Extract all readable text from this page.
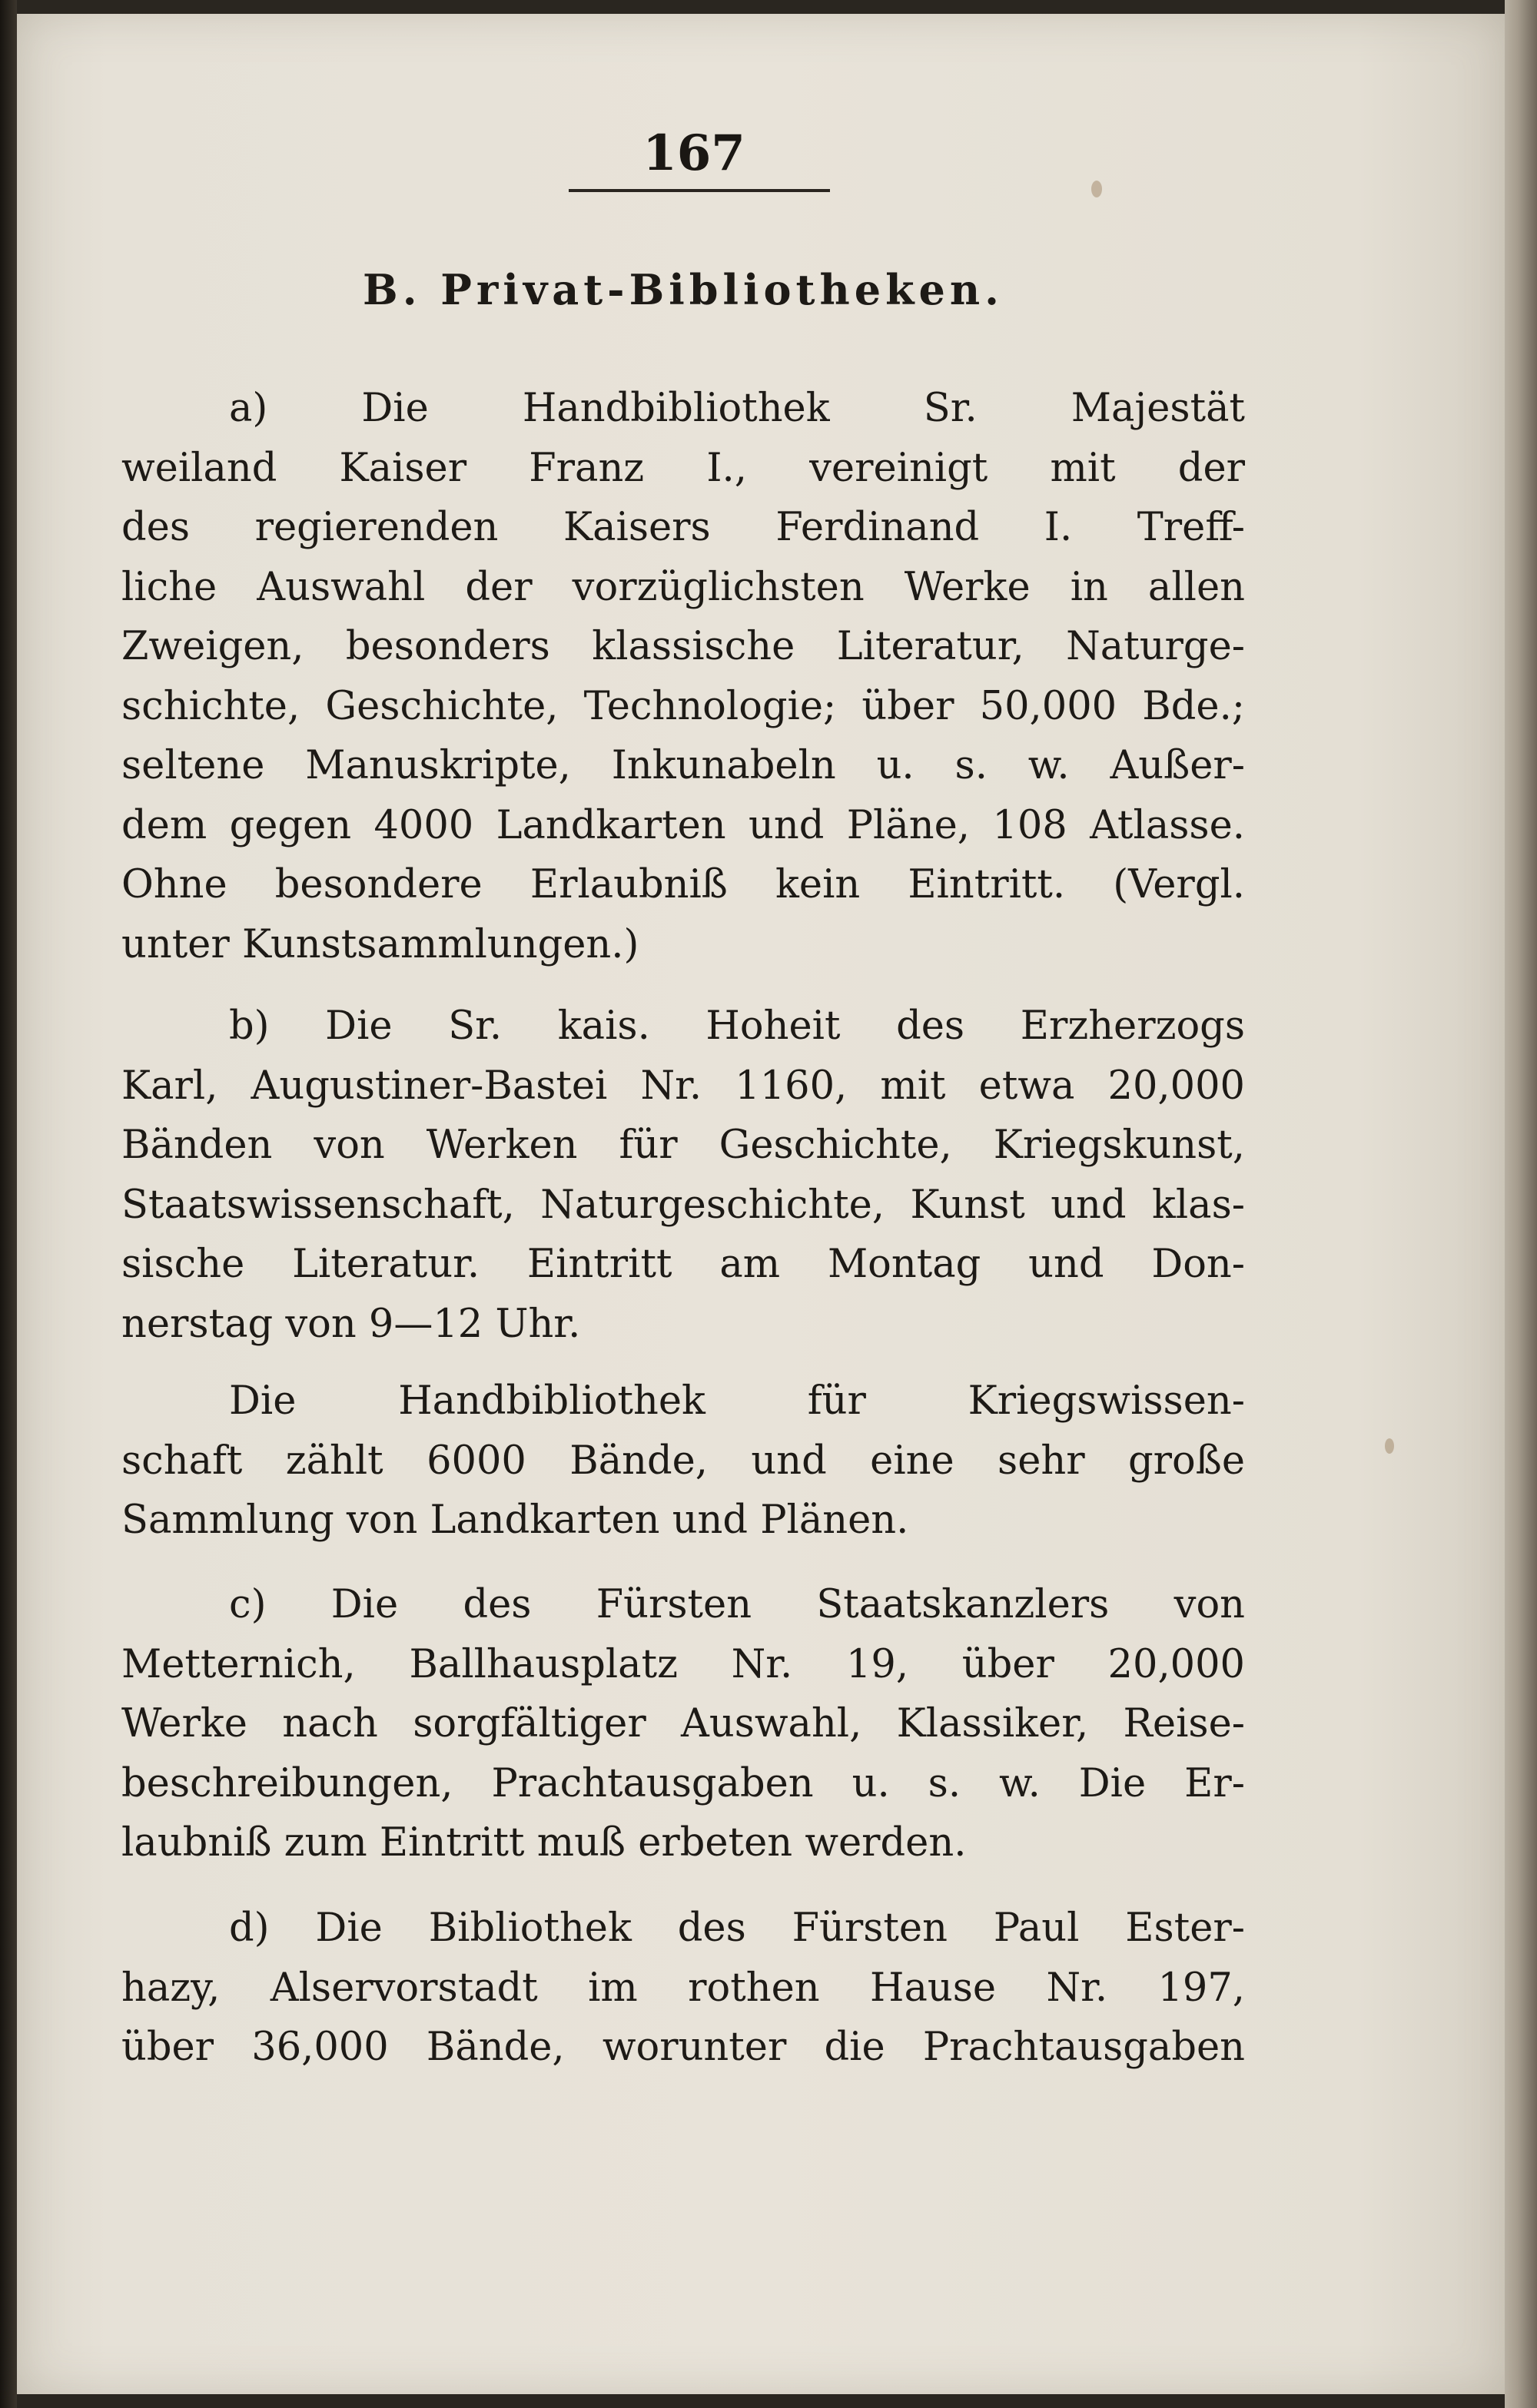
167
B. Privat-Bibliotheken.
a) Die Handbibliothek Sr. Majestät
weiland Kaiser Franz I., vereinigt mit der
des regierenden Kaisers Ferdinand I. Treff-
liche Auswahl der vorzüglichsten Werke in allen
Zweigen, besonders klassische Literatur, Naturge-
schichte, Geschichte, Technologie; über 50,000 Bde.;
seltene Manuskripte, Inkunabeln u. s. w. Außer-
dem gegen 4000 Landkarten und Pläne, 108 Atlasse.
Ohne besondere Erlaubniß kein Eintritt. (Vergl.
unter Kunstsammlungen.)
b) Die Sr. kais. Hoheit des Erzherzogs
Karl, Augustiner-Bastei Nr. 1160, mit etwa 20,000
Bänden von Werken für Geschichte, Kriegskunst,
Staatswissenschaft, Naturgeschichte, Kunst und klas-
sische Literatur. Eintritt am Montag und Don-
nerstag von 9—12 Uhr.
Die Handbibliothek für Kriegswissen-
schaft zählt 6000 Bände, und eine sehr große
Sammlung von Landkarten und Plänen.
c) Die des Fürsten Staatskanzlers von
Metternich, Ballhausplatz Nr. 19, über 20,000
Werke nach sorgfältiger Auswahl, Klassiker, Reise-
beschreibungen, Prachtausgaben u. s. w. Die Er-
laubniß zum Eintritt muß erbeten werden.
d) Die Bibliothek des Fürsten Paul Ester-
hazy, Alservorstadt im rothen Hause Nr. 197,
über 36,000 Bände, worunter die Prachtausgaben
